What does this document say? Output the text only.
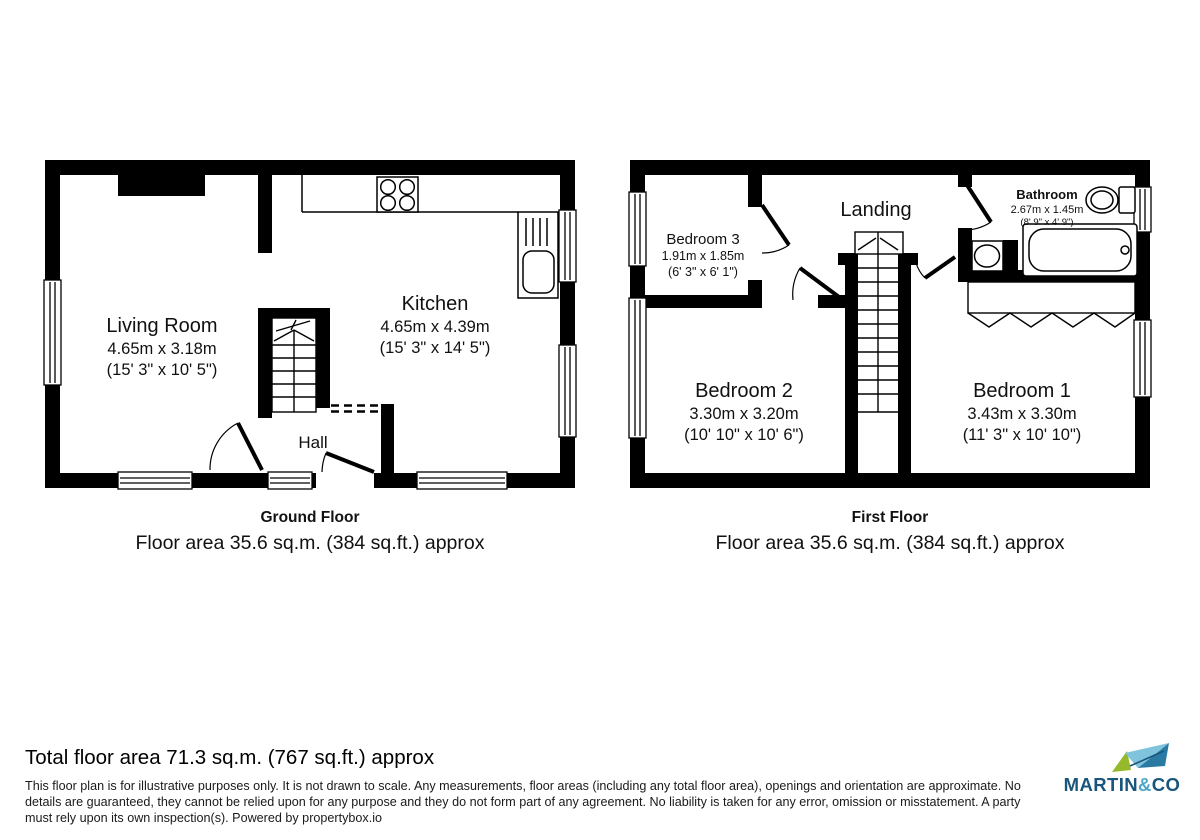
Living Room
4.65m x 3.18m
(15' 3" x 10' 5")
Kitchen
4.65m x 4.39m
(15' 3" x 14' 5")
Hall
Bedroom 3
1.91m x 1.85m
(6' 3" x 6' 1")
Landing
Bathroom
2.67m x 1.45m
(8' 9" x 4' 9")
Bedroom 2
3.30m x 3.20m
(10' 10" x 10' 6")
Bedroom 1
3.43m x 3.30m
(11' 3" x 10' 10")
Ground Floor
Floor area 35.6 sq.m. (384 sq.ft.) approx
First Floor
Floor area 35.6 sq.m. (384 sq.ft.) approx
Total floor area 71.3 sq.m. (767 sq.ft.) approx
This floor plan is for illustrative purposes only. It is not drawn to scale. Any measurements, floor areas (including any total floor area), openings and orientation are approximate. No details are guaranteed, they cannot be relied upon for any purpose and they do not form part of any agreement. No liability is taken for any error, omission or misstatement. A party must rely upon its own inspection(s). Powered by propertybox.io
MARTIN&CO
